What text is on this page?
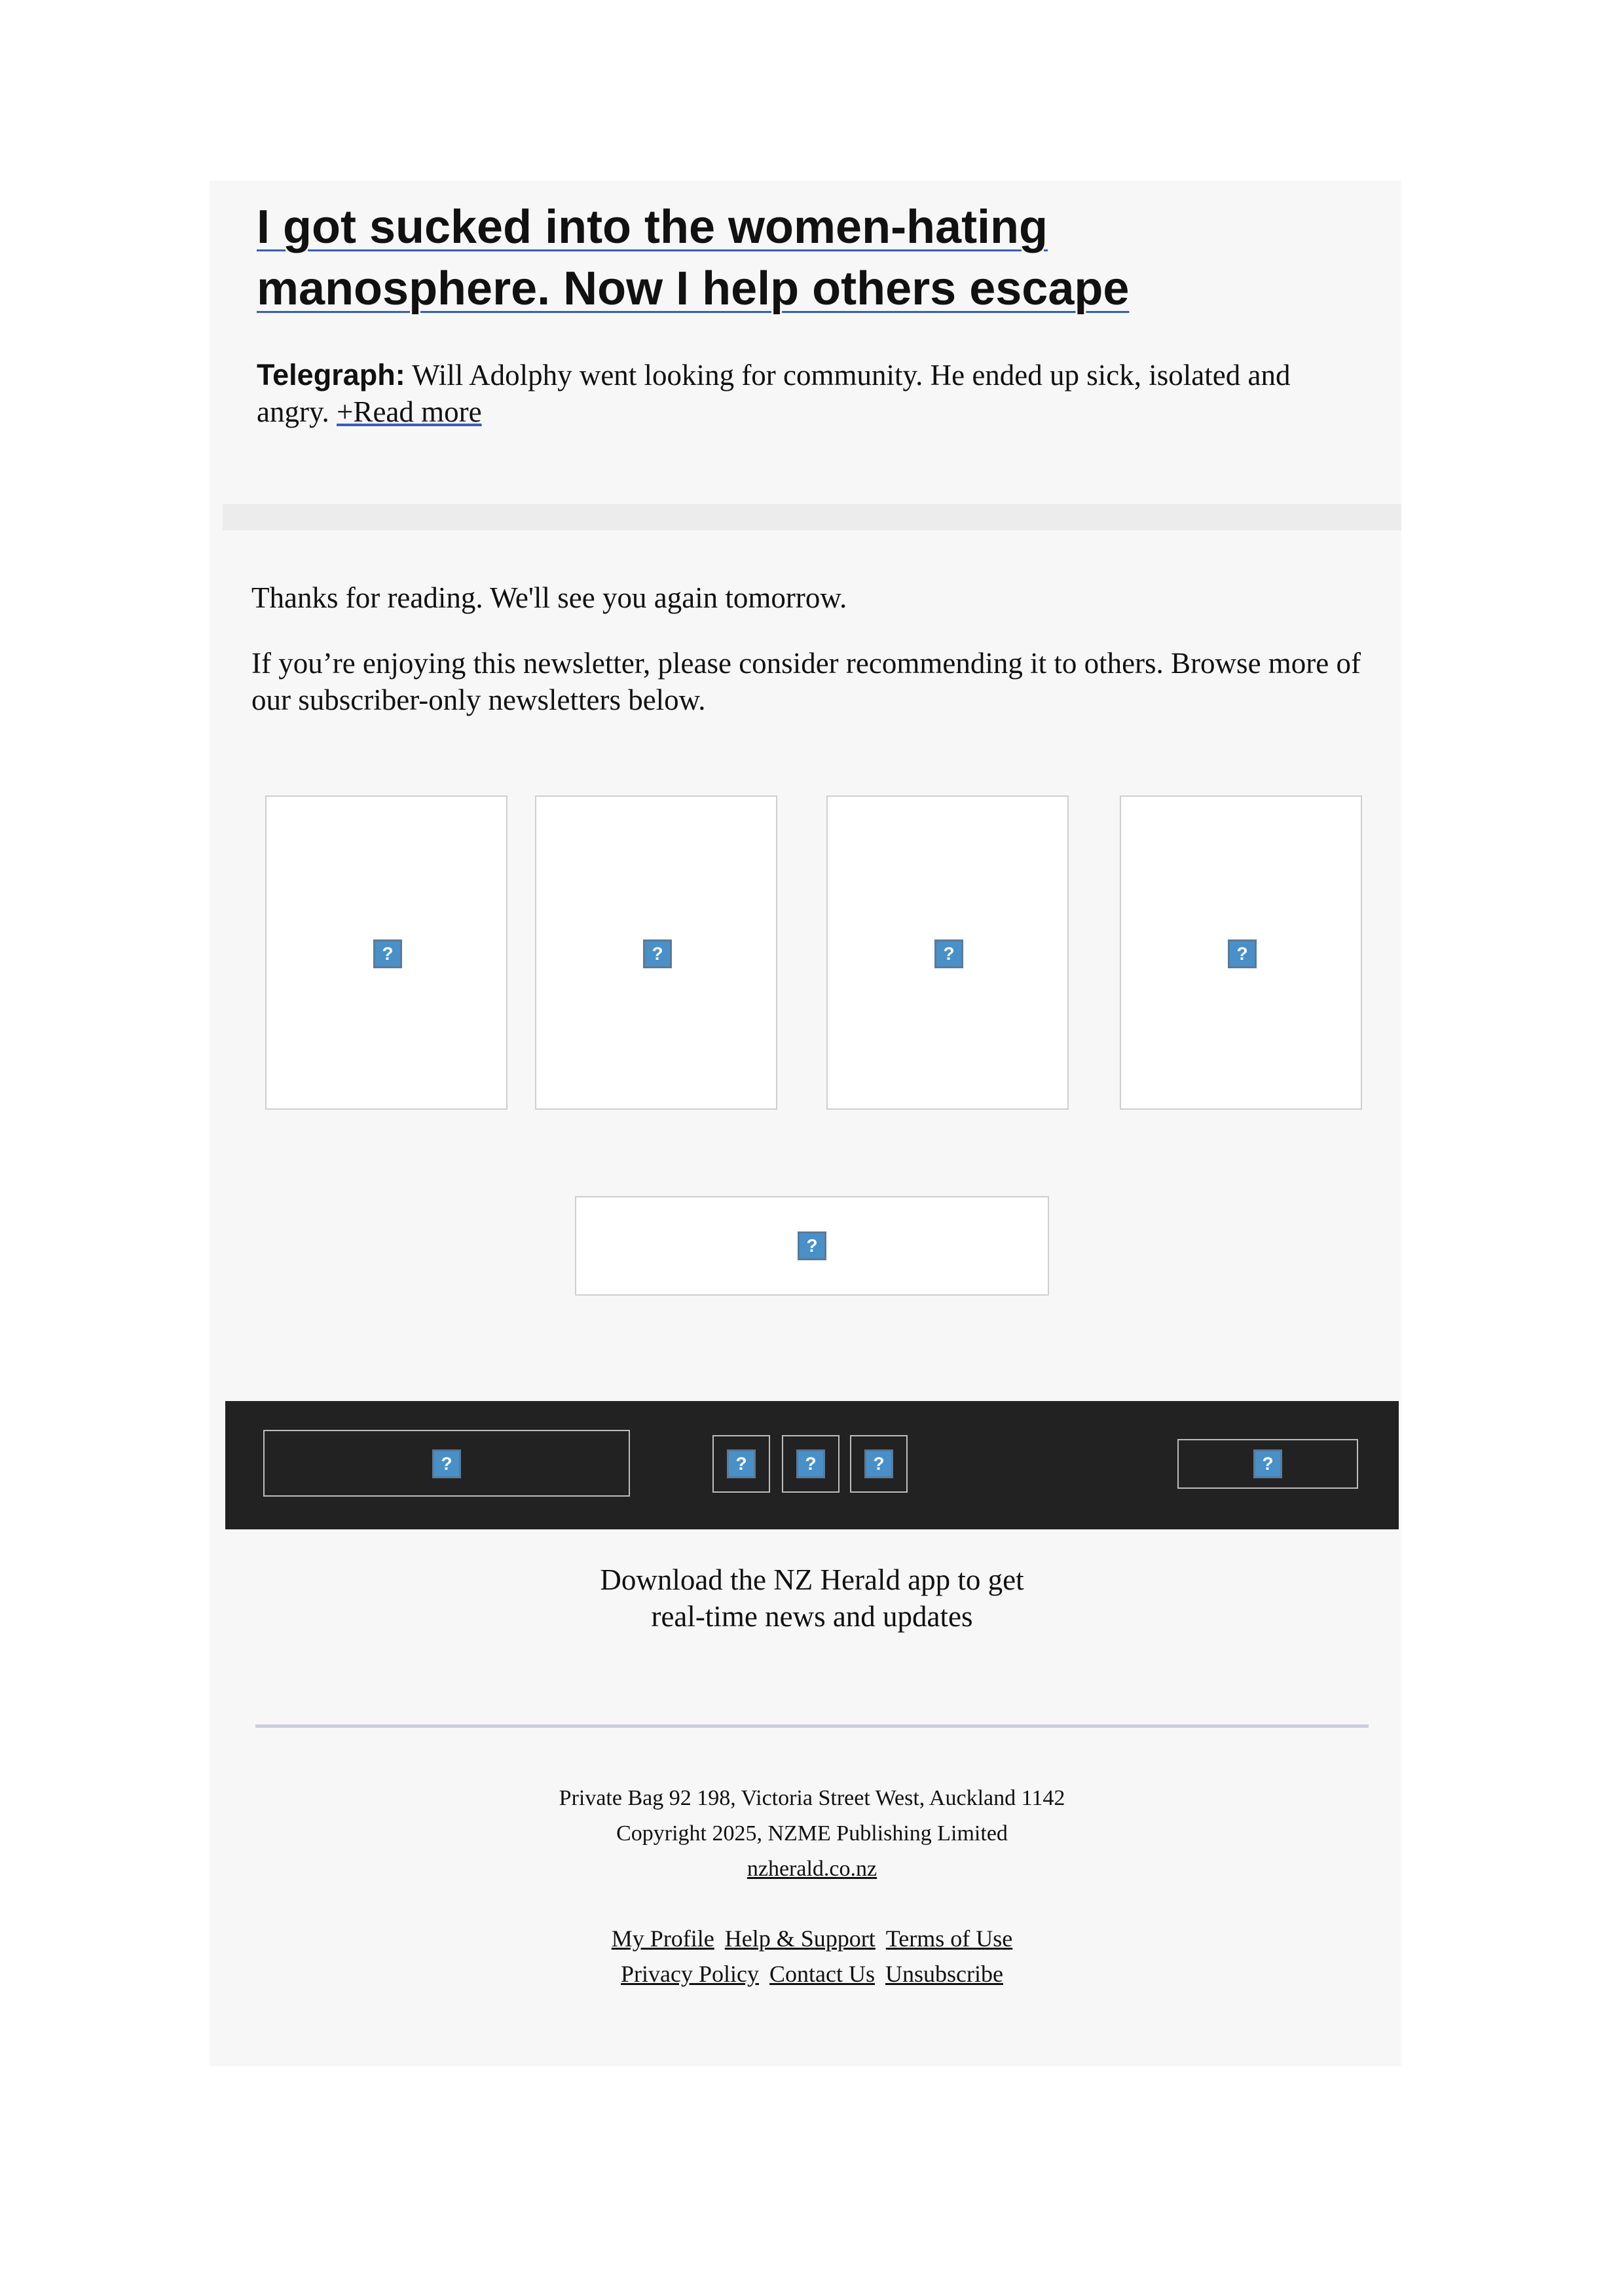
I got sucked into the women-hating
manosphere. Now I help others escape
Telegraph: Will Adolphy went looking for community. He ended up sick, isolated and angry. +Read more
Thanks for reading. We'll see you again tomorrow.
If you’re enjoying this newsletter, please consider recommending it to others. Browse more of our subscriber-only newsletters below.
?	?	?	?
?
?	?	?	?	?
Download the NZ Herald app to get
real-time news and updates
Private Bag 92 198, Victoria Street West, Auckland 1142
Copyright 2025, NZME Publishing Limited
nzherald.co.nz
My Profile Help & Support Terms of Use
Privacy Policy Contact Us Unsubscribe
